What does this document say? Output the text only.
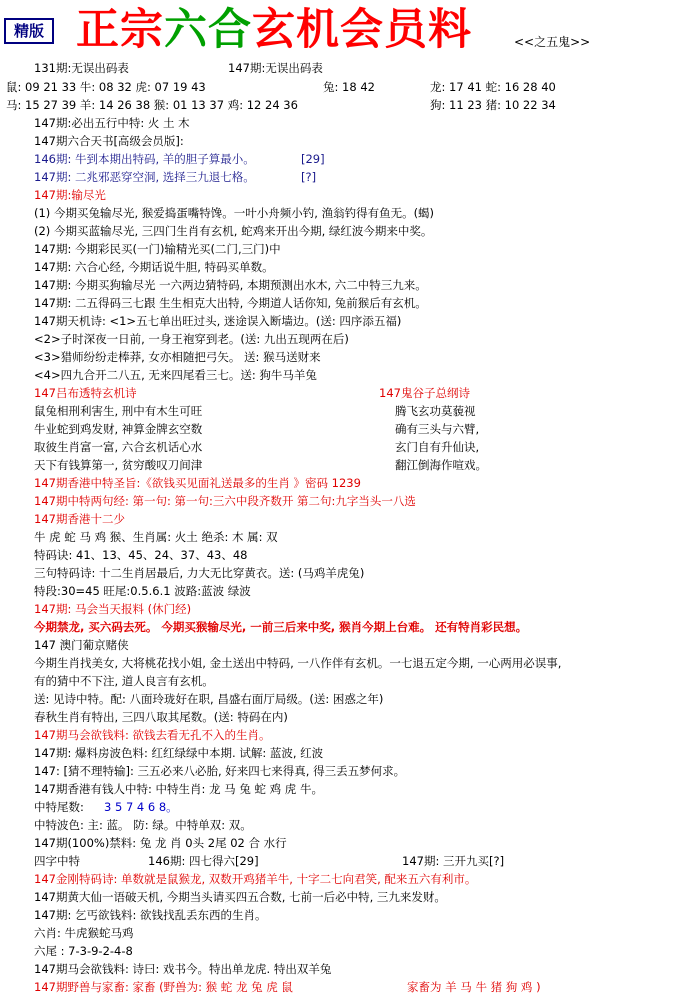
精版 正宗六合玄机会员料	<<之五鬼>>
131期:无误出码表	147期:无误出码表
鼠: 09 21 33 牛: 08 32 虎: 07 19 43	兔: 18 42	龙: 17 41 蛇: 16 28 40
马: 15 27 39 羊: 14 26 38 猴: 01 13 37 鸡: 12 24 36	狗: 11 23 猪: 10 22 34
147期:必出五行中特: 火 土 木
147期六合天书[高级会员版]:
146期: 牛到本期出特码, 羊的胆子算最小。	[29]
147期: 二兆邪恶穿空洞, 选择三九退七格。	[?]
147期:输尽光
(1) 今期买兔输尽光, 猴爱捣蛋嘴特馋。一叶小舟频小钓, 渔翁钓得有鱼无。(蝎)
(2) 今期买蓝输尽光, 三四门生肖有玄机, 蛇鸡来开出今期, 绿红波今期来中奖。
147期: 今期彩民买(一门)输精光买(二门,三门)中
147期: 六合心经, 今期话说牛胆, 特码买单数。
147期: 今期买狗输尽光 一六两边猜特码, 本期预测出水木, 六二中特三九来。
147期: 二五得码三七跟 生生相克大出特, 今期道人话你知, 兔前猴后有玄机。
147期天机诗: <1>五七单出旺过头, 迷途误入断墙边。(送: 四序添五福)
<2>子时深夜一日前, 一身王袍穿到老。(送: 九出五现两在后)
<3>猎师纷纷走棒莽, 女亦相随把弓矢。 送: 猴马送财来
<4>四九合开二八五, 无来四尾看三七。送: 狗牛马羊兔
147吕布透特玄机诗	147鬼谷子总纲诗
鼠兔相刑利害生, 刑中有木生可旺	腾飞玄功莫藐视
牛业蛇到鸡发财, 神算金牌玄空数	确有三头与六臂,
取彼生肖富一富, 六合玄机话心水	玄门自有升仙诀,
天下有钱算第一, 贫穷酸叹刀间津	翻江倒海作喧戏。
147期香港中特圣旨:《欲钱买见面礼送最多的生肖 》密码 1239
147期中特两句经: 第一句: 第一句:三六中段齐数开 第二句:九字当头一八选
147期香港十二少
牛 虎 蛇 马 鸡 猴、生肖属: 火土 绝杀: 木 属: 双
特码诀: 41、13、45、24、37、43、48
三句特码诗: 十二生肖居最后, 力大无比穿黄衣。送: (马鸡羊虎兔)
特段:30=45 旺尾:0.5.6.1 波路:蓝波 绿波
147期: 马会当天报料 (休门经)
今期禁龙, 买六码去死。 今期买猴输尽光, 一前三后来中奖, 猴肖今期上台难。 还有特肖彩民想。
147 澳门葡京赌侠
今期生肖找美女, 大将桃花找小姐, 金土送出中特码, 一八作伴有玄机。一七退五定今期, 一心两用必误事,
有的猜中不下注, 道人良言有玄机。
送: 见诗中特。配: 八面玲珑好在职, 昌盛右面厅局级。(送: 困惑之年)
春秋生肖有特出, 三四八取其尾数。(送: 特码在内)
147期马会欲钱料: 欲钱去看无孔不入的生肖。
147期: 爆料房波色料: 红红绿绿中本期. 试解: 蓝波, 红波
147: [猜不理特输]: 三五必来八必胎, 好来四七来得真, 得三丢五梦何求。
147期香港有钱人中特: 中特生肖: 龙 马 兔 蛇 鸡 虎 牛。
中特尾数: 3 5 7 4 6 8。
中特波色: 主: 蓝。 防: 绿。中特单双: 双。
147期(100%)禁料: 兔 龙 肖 0头 2尾 02 合 水行
四字中特	146期: 四七得六[29]	147期: 三开九买[?]
147金刚特码诗: 单数就是鼠猴龙, 双数开鸡猪羊牛, 十字二七向君笑, 配来五六有利市。
147期黄大仙一语破天机, 今期当头请买四五合数, 七前一后必中特, 三九来发财。
147期: 乞丐欲钱料: 欲钱找乱丢东西的生肖。
六肖: 牛虎猴蛇马鸡
六尾 : 7-3-9-2-4-8
147期马会欲钱料: 诗曰: 戏书今。特出单龙虎. 特出双羊兔
147期野兽与家畜: 家畜 (野兽为: 猴 蛇 龙 兔 虎 鼠	家畜为 羊 马 牛 猪 狗 鸡 )
